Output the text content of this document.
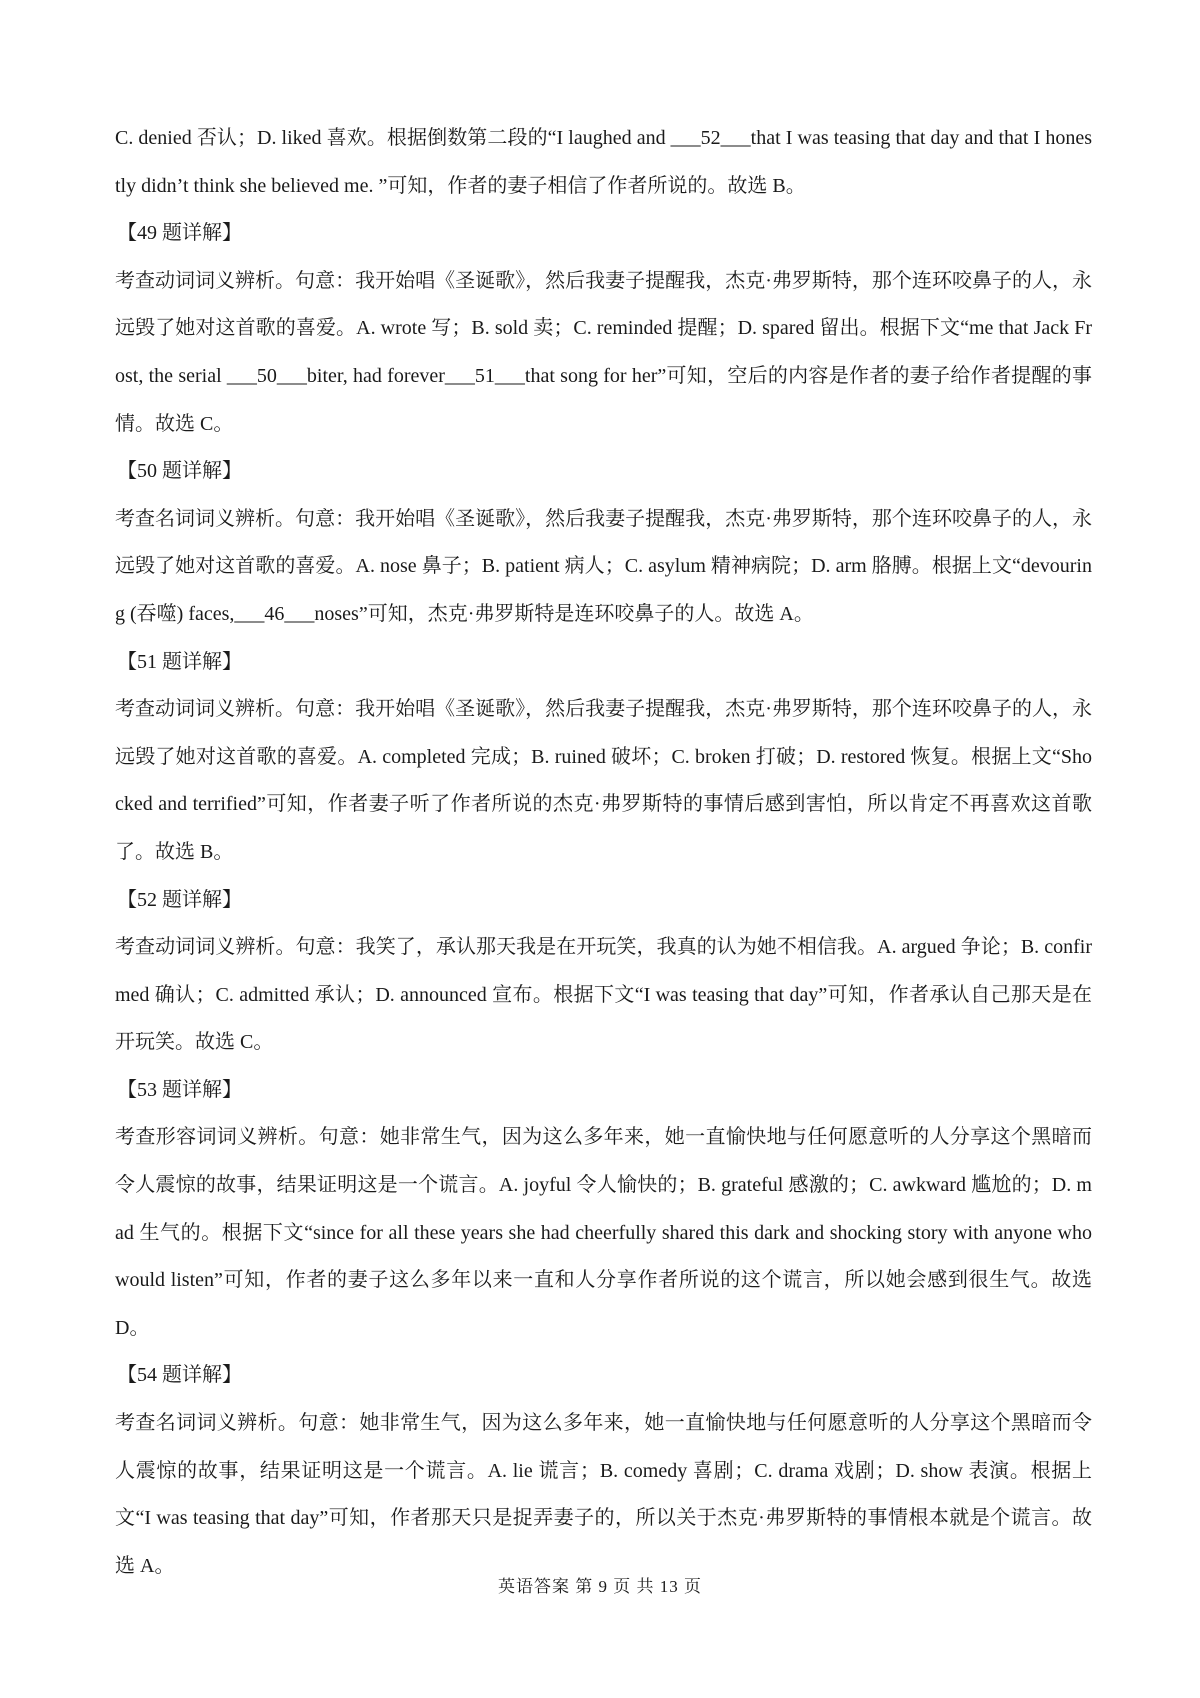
C. denied 否认；D. liked 喜欢。根据倒数第二段的“I laughed and ___52___that I was teasing that day and that I honestly didn’t think she believed me. ”可知，作者的妻子相信了作者所说的。故选 B。

【49 题详解】

考查动词词义辨析。句意：我开始唱《圣诞歌》，然后我妻子提醒我，杰克·弗罗斯特，那个连环咬鼻子的人，永远毁了她对这首歌的喜爱。A. wrote 写；B. sold 卖；C. reminded 提醒；D. spared 留出。根据下文“me that Jack Frost, the serial ___50___biter, had forever___51___that song for her”可知，空后的内容是作者的妻子给作者提醒的事情。故选 C。

【50 题详解】

考查名词词义辨析。句意：我开始唱《圣诞歌》，然后我妻子提醒我，杰克·弗罗斯特，那个连环咬鼻子的人，永远毁了她对这首歌的喜爱。A. nose 鼻子；B. patient 病人；C. asylum 精神病院；D. arm 胳膊。根据上文“devouring (吞噬) faces,___46___noses”可知，杰克·弗罗斯特是连环咬鼻子的人。故选 A。

【51 题详解】

考查动词词义辨析。句意：我开始唱《圣诞歌》，然后我妻子提醒我，杰克·弗罗斯特，那个连环咬鼻子的人，永远毁了她对这首歌的喜爱。A. completed 完成；B. ruined 破坏；C. broken 打破；D. restored 恢复。根据上文“Shocked and terrified”可知，作者妻子听了作者所说的杰克·弗罗斯特的事情后感到害怕，所以肯定不再喜欢这首歌了。故选 B。

【52 题详解】

考查动词词义辨析。句意：我笑了，承认那天我是在开玩笑，我真的认为她不相信我。A. argued 争论；B. confirmed 确认；C. admitted 承认；D. announced 宣布。根据下文“I was teasing that day”可知，作者承认自己那天是在开玩笑。故选 C。

【53 题详解】

考查形容词词义辨析。句意：她非常生气，因为这么多年来，她一直愉快地与任何愿意听的人分享这个黑暗而令人震惊的故事，结果证明这是一个谎言。A. joyful 令人愉快的；B. grateful 感激的；C. awkward 尴尬的；D. mad 生气的。根据下文“since for all these years she had cheerfully shared this dark and shocking story with anyone who would listen”可知，作者的妻子这么多年以来一直和人分享作者所说的这个谎言，所以她会感到很生气。故选 D。

【54 题详解】

考查名词词义辨析。句意：她非常生气，因为这么多年来，她一直愉快地与任何愿意听的人分享这个黑暗而令人震惊的故事，结果证明这是一个谎言。A. lie 谎言；B. comedy 喜剧；C. drama 戏剧；D. show 表演。根据上文“I was teasing that day”可知，作者那天只是捉弄妻子的，所以关于杰克·弗罗斯特的事情根本就是个谎言。故选 A。

英语答案 第 9 页 共 13 页
